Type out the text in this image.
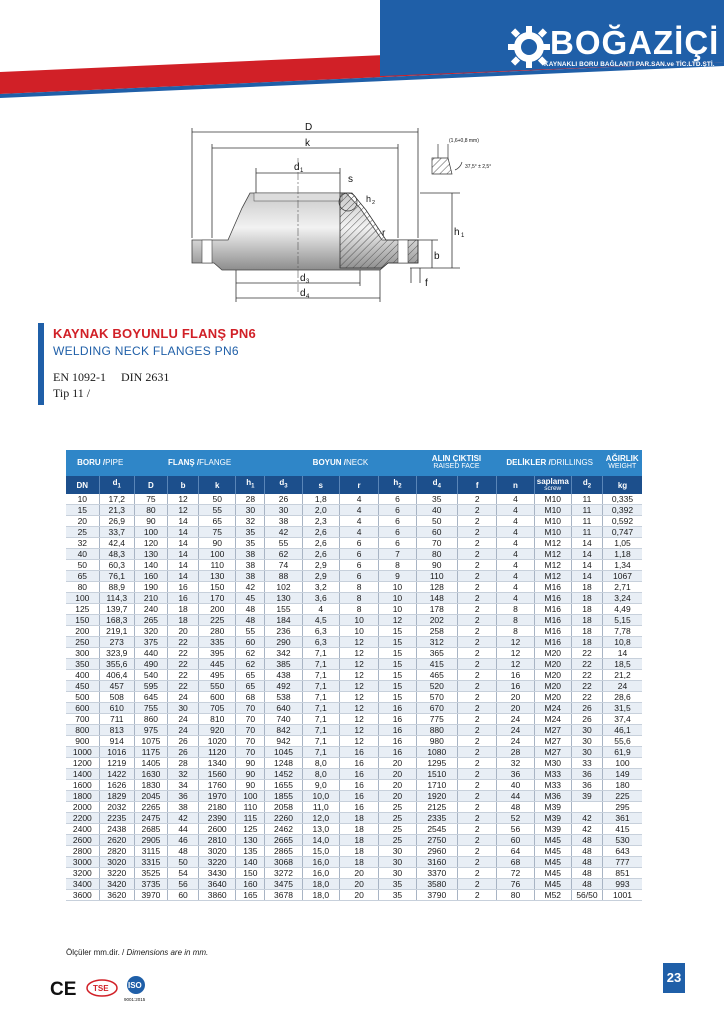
BOĞAZİÇİ
KAYNAKLI BORU BAĞLANTI PAR.SAN.ve TİC.LTD.ŞTİ.
D
k
d 1
s
h 2
r	h 1
b
f
d 3
d 4
(1,6+0,8 mm)
37,5° ± 2,5°
KAYNAK BOYUNLU FLANŞ PN6
WELDING NECK FLANGES PN6
EN 1092-1 DIN 2631
Tip 11 /
BORU /PIPE		FLANŞ /FLANGE				BOYUN /NECK				ALIN ÇIKTISI
RAISED FACE		DELİKLER /DRILLINGS			AĞIRLIK
WEIGHT

DN	$d_1$	D	b	k	$h_1$	$d_3$	s	r	$h_2$	$d_4$	f	n	saplama
screw	$d_2$	kg
10	17,2	75	12	50	28	26	1,8	4	6	35	2	4	M10	11	0,335
15	21,3	80	12	55	30	30	2,0	4	6	40	2	4	M10	11	0,392
20	26,9	90	14	65	32	38	2,3	4	6	50	2	4	M10	11	0,592
25	33,7	100	14	75	35	42	2,6	4	6	60	2	4	M10	11	0,747
32	42,4	120	14	90	35	55	2,6	6	6	70	2	4	M12	14	1,05
40	48,3	130	14	100	38	62	2,6	6	7	80	2	4	M12	14	1,18
50	60,3	140	14	110	38	74	2,9	6	8	90	2	4	M12	14	1,34
65	76,1	160	14	130	38	88	2,9	6	9	110	2	4	M12	14	1067
80	88,9	190	16	150	42	102	3,2	8	10	128	2	4	M16	18	2,71
100	114,3	210	16	170	45	130	3,6	8	10	148	2	4	M16	18	3,24
125	139,7	240	18	200	48	155	4	8	10	178	2	8	M16	18	4,49
150	168,3	265	18	225	48	184	4,5	10	12	202	2	8	M16	18	5,15
200	219,1	320	20	280	55	236	6,3	10	15	258	2	8	M16	18	7,78
250	273	375	22	335	60	290	6,3	12	15	312	2	12	M16	18	10,8
300	323,9	440	22	395	62	342	7,1	12	15	365	2	12	M20	22	14
350	355,6	490	22	445	62	385	7,1	12	15	415	2	12	M20	22	18,5
400	406,4	540	22	495	65	438	7,1	12	15	465	2	16	M20	22	21,2
450	457	595	22	550	65	492	7,1	12	15	520	2	16	M20	22	24
500	508	645	24	600	68	538	7,1	12	15	570	2	20	M20	22	28,6
600	610	755	30	705	70	640	7,1	12	16	670	2	20	M24	26	31,5
700	711	860	24	810	70	740	7,1	12	16	775	2	24	M24	26	37,4
800	813	975	24	920	70	842	7,1	12	16	880	2	24	M27	30	46,1
900	914	1075	26	1020	70	942	7,1	12	16	980	2	24	M27	30	55,6
1000	1016	1175	26	1120	70	1045	7,1	16	16	1080	2	28	M27	30	61,9
1200	1219	1405	28	1340	90	1248	8,0	16	20	1295	2	32	M30	33	100
1400	1422	1630	32	1560	90	1452	8,0	16	20	1510	2	36	M33	36	149
1600	1626	1830	34	1760	90	1655	9,0	16	20	1710	2	40	M33	36	180
1800	1829	2045	36	1970	100	1855	10,0	16	20	1920	2	44	M36	39	225
2000	2032	2265	38	2180	110	2058	11,0	16	25	2125	2	48	M39		295
2200	2235	2475	42	2390	115	2260	12,0	18	25	2335	2	52	M39	42	361
2400	2438	2685	44	2600	125	2462	13,0	18	25	2545	2	56	M39	42	415
2600	2620	2905	46	2810	130	2665	14,0	18	25	2750	2	60	M45	48	530
2800	2820	3115	48	3020	135	2865	15,0	18	30	2960	2	64	M45	48	643
3000	3020	3315	50	3220	140	3068	16,0	18	30	3160	2	68	M45	48	777
3200	3220	3525	54	3430	150	3272	16,0	20	30	3370	2	72	M45	48	851
3400	3420	3735	56	3640	160	3475	18,0	20	35	3580	2	76	M45	48	993
3600	3620	3970	60	3860	165	3678	18,0	20	35	3790	2	80	M52	56/50	1001
Ölçüler mm.dir. / Dimensions are in mm.
CE TSE ISO
9001:2015
23
